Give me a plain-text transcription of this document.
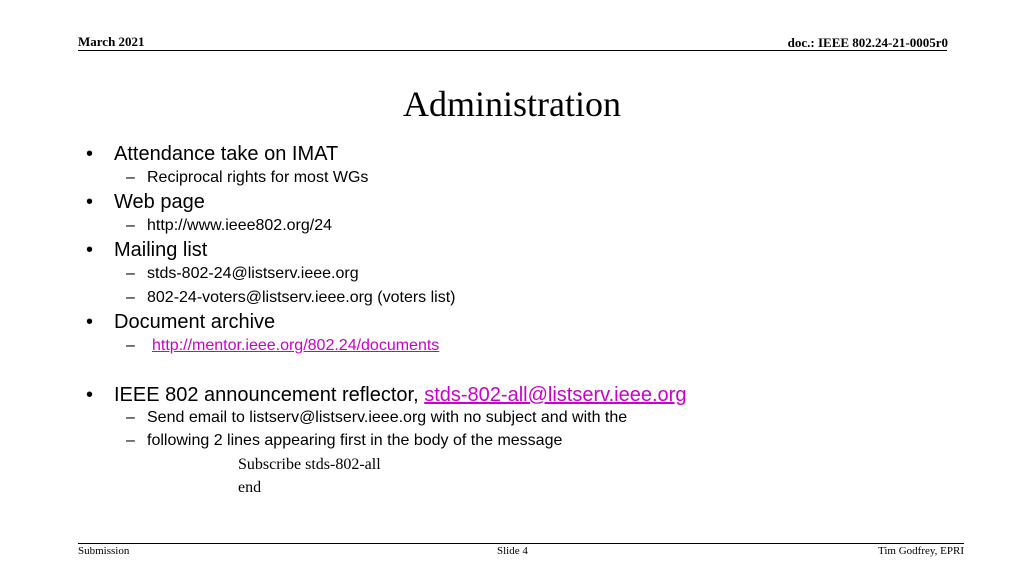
March 2021	doc.: IEEE 802.24-21-0005r0
Administration
• Attendance take on IMAT
– Reciprocal rights for most WGs
• Web page
– http://www.ieee802.org/24
• Mailing list
– stds-802-24@listserv.ieee.org
– 802-24-voters@listserv.ieee.org (voters list)
• Document archive
– http://mentor.ieee.org/802.24/documents
• IEEE 802 announcement reflector, stds-802-all@listserv.ieee.org
– Send email to listserv@listserv.ieee.org with no subject and with the
– following 2 lines appearing first in the body of the message
Subscribe stds-802-all
end
Submission	Slide 4	Tim Godfrey, EPRI
